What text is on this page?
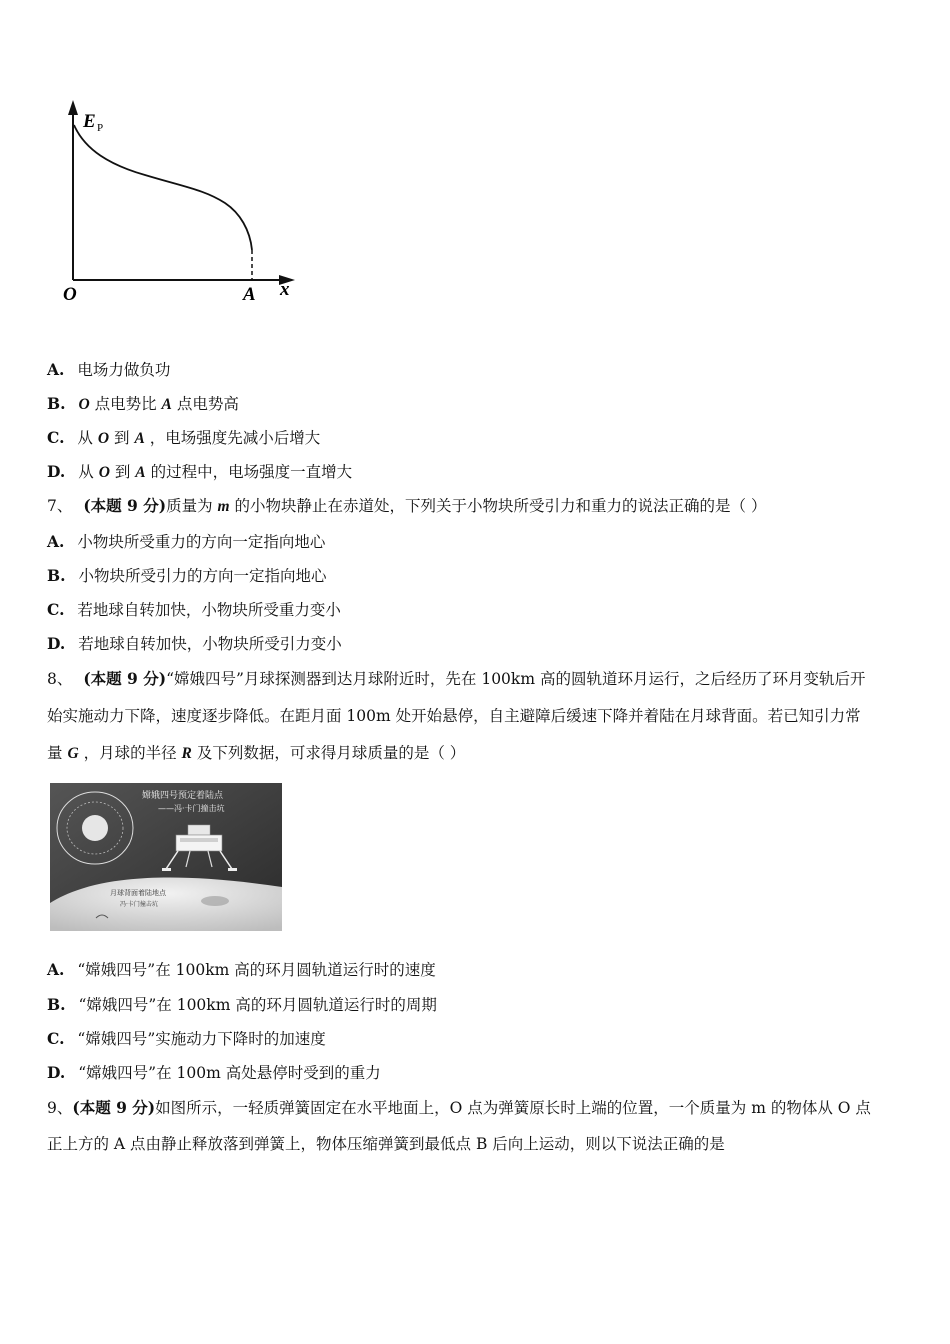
E P
O	A x
A. 电场力做负功
B. O 点电势比 A 点电势高
C. 从 O 到 A ，电场强度先减小后增大
D. 从 O 到 A 的过程中，电场强度一直增大
7、 (本题 9 分)质量为 m 的小物块静止在赤道处，下列关于小物块所受引力和重力的说法正确的是（ ）
A. 小物块所受重力的方向一定指向地心
B. 小物块所受引力的方向一定指向地心
C. 若地球自转加快，小物块所受重力变小
D. 若地球自转加快，小物块所受引力变小
8、 (本题 9 分)“嫦娥四号”月球探测器到达月球附近时，先在 100km 高的圆轨道环月运行，之后经历了环月变轨后开
始实施动力下降，速度逐步降低。在距月面 100m 处开始悬停，自主避障后缓速下降并着陆在月球背面。若已知引力常
量 G ，月球的半径 R 及下列数据，可求得月球质量的是（ ）
嫦娥四号预定着陆点
——冯·卡门撞击坑
月球背面着陆地点
冯·卡门撞击坑
A. “嫦娥四号”在 100km 高的环月圆轨道运行时的速度
B. “嫦娥四号”在 100km 高的环月圆轨道运行时的周期
C. “嫦娥四号”实施动力下降时的加速度
D. “嫦娥四号”在 100m 高处悬停时受到的重力
9、(本题 9 分)如图所示，一轻质弹簧固定在水平地面上，O 点为弹簧原长时上端的位置，一个质量为 m 的物体从 O 点
正上方的 A 点由静止释放落到弹簧上，物体压缩弹簧到最低点 B 后向上运动，则以下说法正确的是
